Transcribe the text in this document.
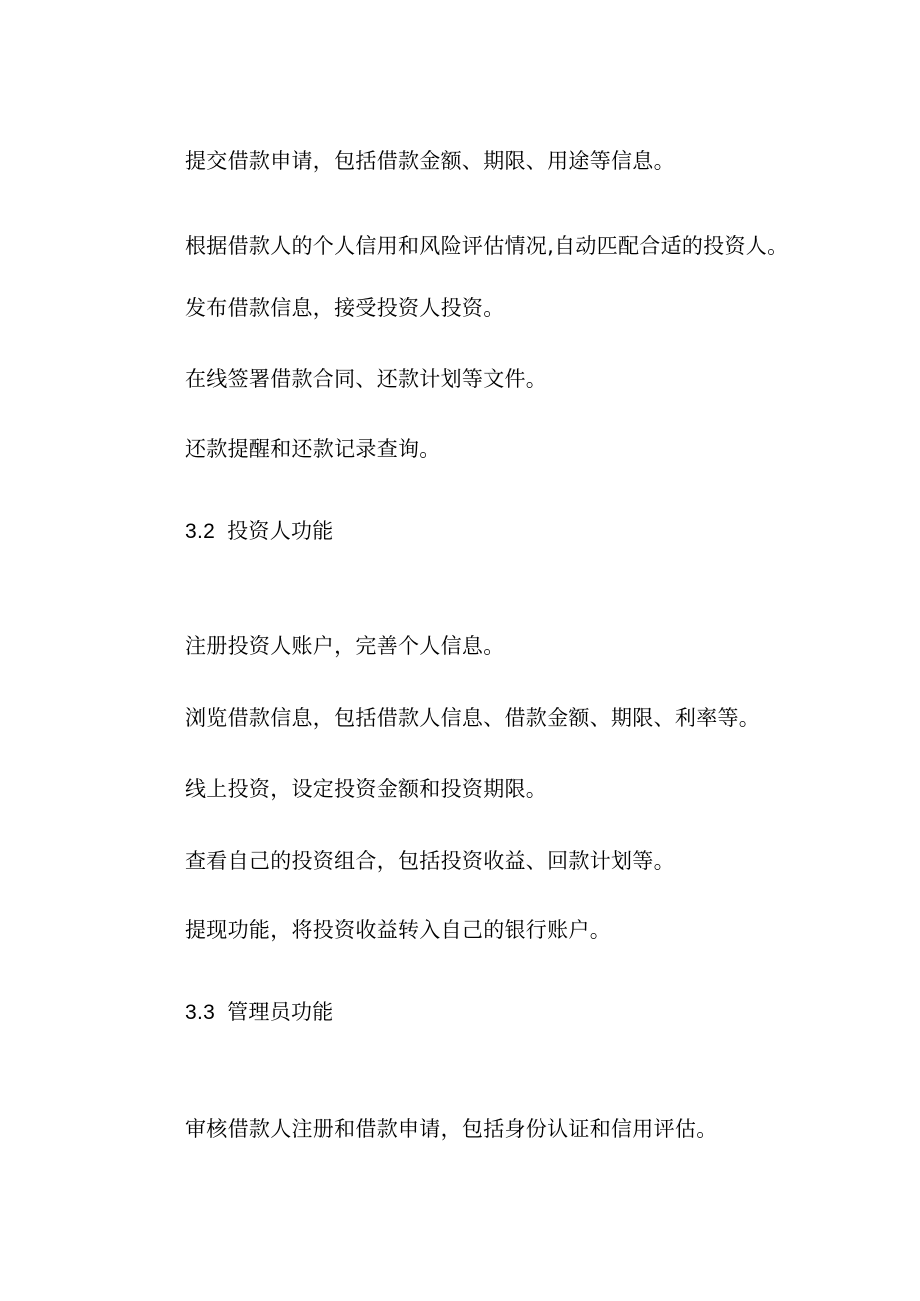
提交借款申请，包括借款金额、期限、用途等信息。

根据借款人的个人信用和风险评估情况,自动匹配合适的投资人。

发布借款信息，接受投资人投资。

在线签署借款合同、还款计划等文件。

还款提醒和还款记录查询。

3.2 投资人功能

注册投资人账户，完善个人信息。

浏览借款信息，包括借款人信息、借款金额、期限、利率等。

线上投资，设定投资金额和投资期限。

查看自己的投资组合，包括投资收益、回款计划等。

提现功能，将投资收益转入自己的银行账户。

3.3 管理员功能

审核借款人注册和借款申请，包括身份认证和信用评估。
